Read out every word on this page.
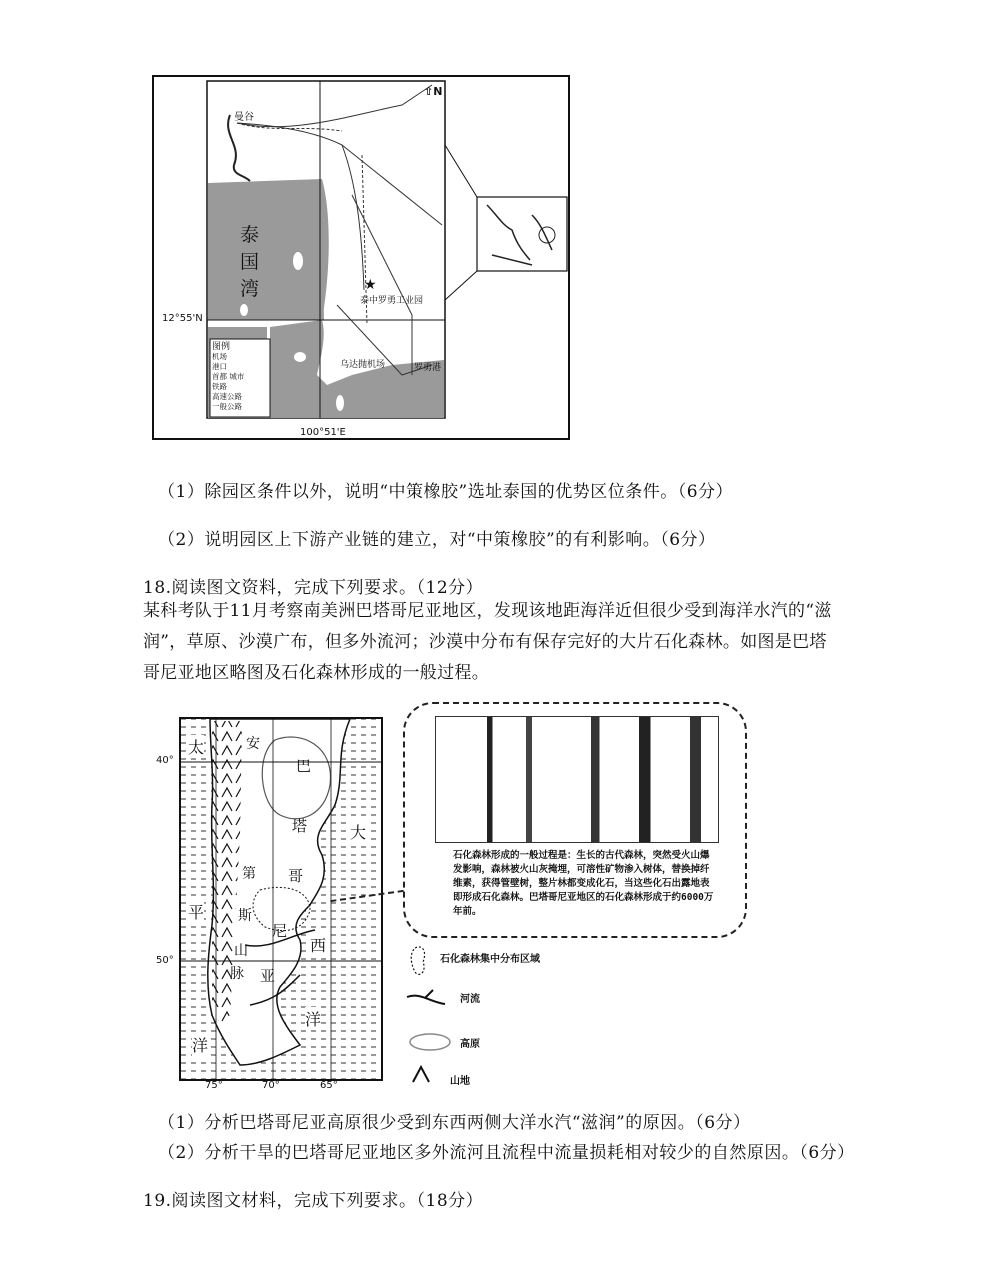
★
⇧N
曼谷
泰
国
湾
泰中罗勇工业园
乌达抛机场	罗勇港
12°55'N
100°51'E
图例
机场
港口
首都 城市
铁路
高速公路
一般公路
（1）除园区条件以外，说明“中策橡胶”选址泰国的优势区位条件。（6分）
（2）说明园区上下游产业链的建立，对“中策橡胶”的有利影响。（6分）
18.阅读图文资料，完成下列要求。（12分）
某科考队于11月考察南美洲巴塔哥尼亚地区，发现该地距海洋近但很少受到海洋水汽的“滋润”，草原、沙漠广布，但多外流河；沙漠中分布有保存完好的大片石化森林。如图是巴塔哥尼亚地区略图及石化森林形成的一般过程。
40°
50°
75°	70°	65°
太
平
洋
安
第
斯
山
脉
巴
塔
哥
尼
亚
大
西
洋
石化森林形成的一般过程是：生长的古代森林，突然受火山爆发影响，森林被火山灰掩埋，可溶性矿物渗入树体，替换掉纤维素，获得管壁树，整片林都变成化石，当这些化石出露地表即形成石化森林。巴塔哥尼亚地区的石化森林形成于约6000万年前。
石化森林集中分布区域
河流
高原
山地
（1）分析巴塔哥尼亚高原很少受到东西两侧大洋水汽“滋润”的原因。（6分）
（2）分析干旱的巴塔哥尼亚地区多外流河且流程中流量损耗相对较少的自然原因。（6分）
19.阅读图文材料，完成下列要求。（18分）
